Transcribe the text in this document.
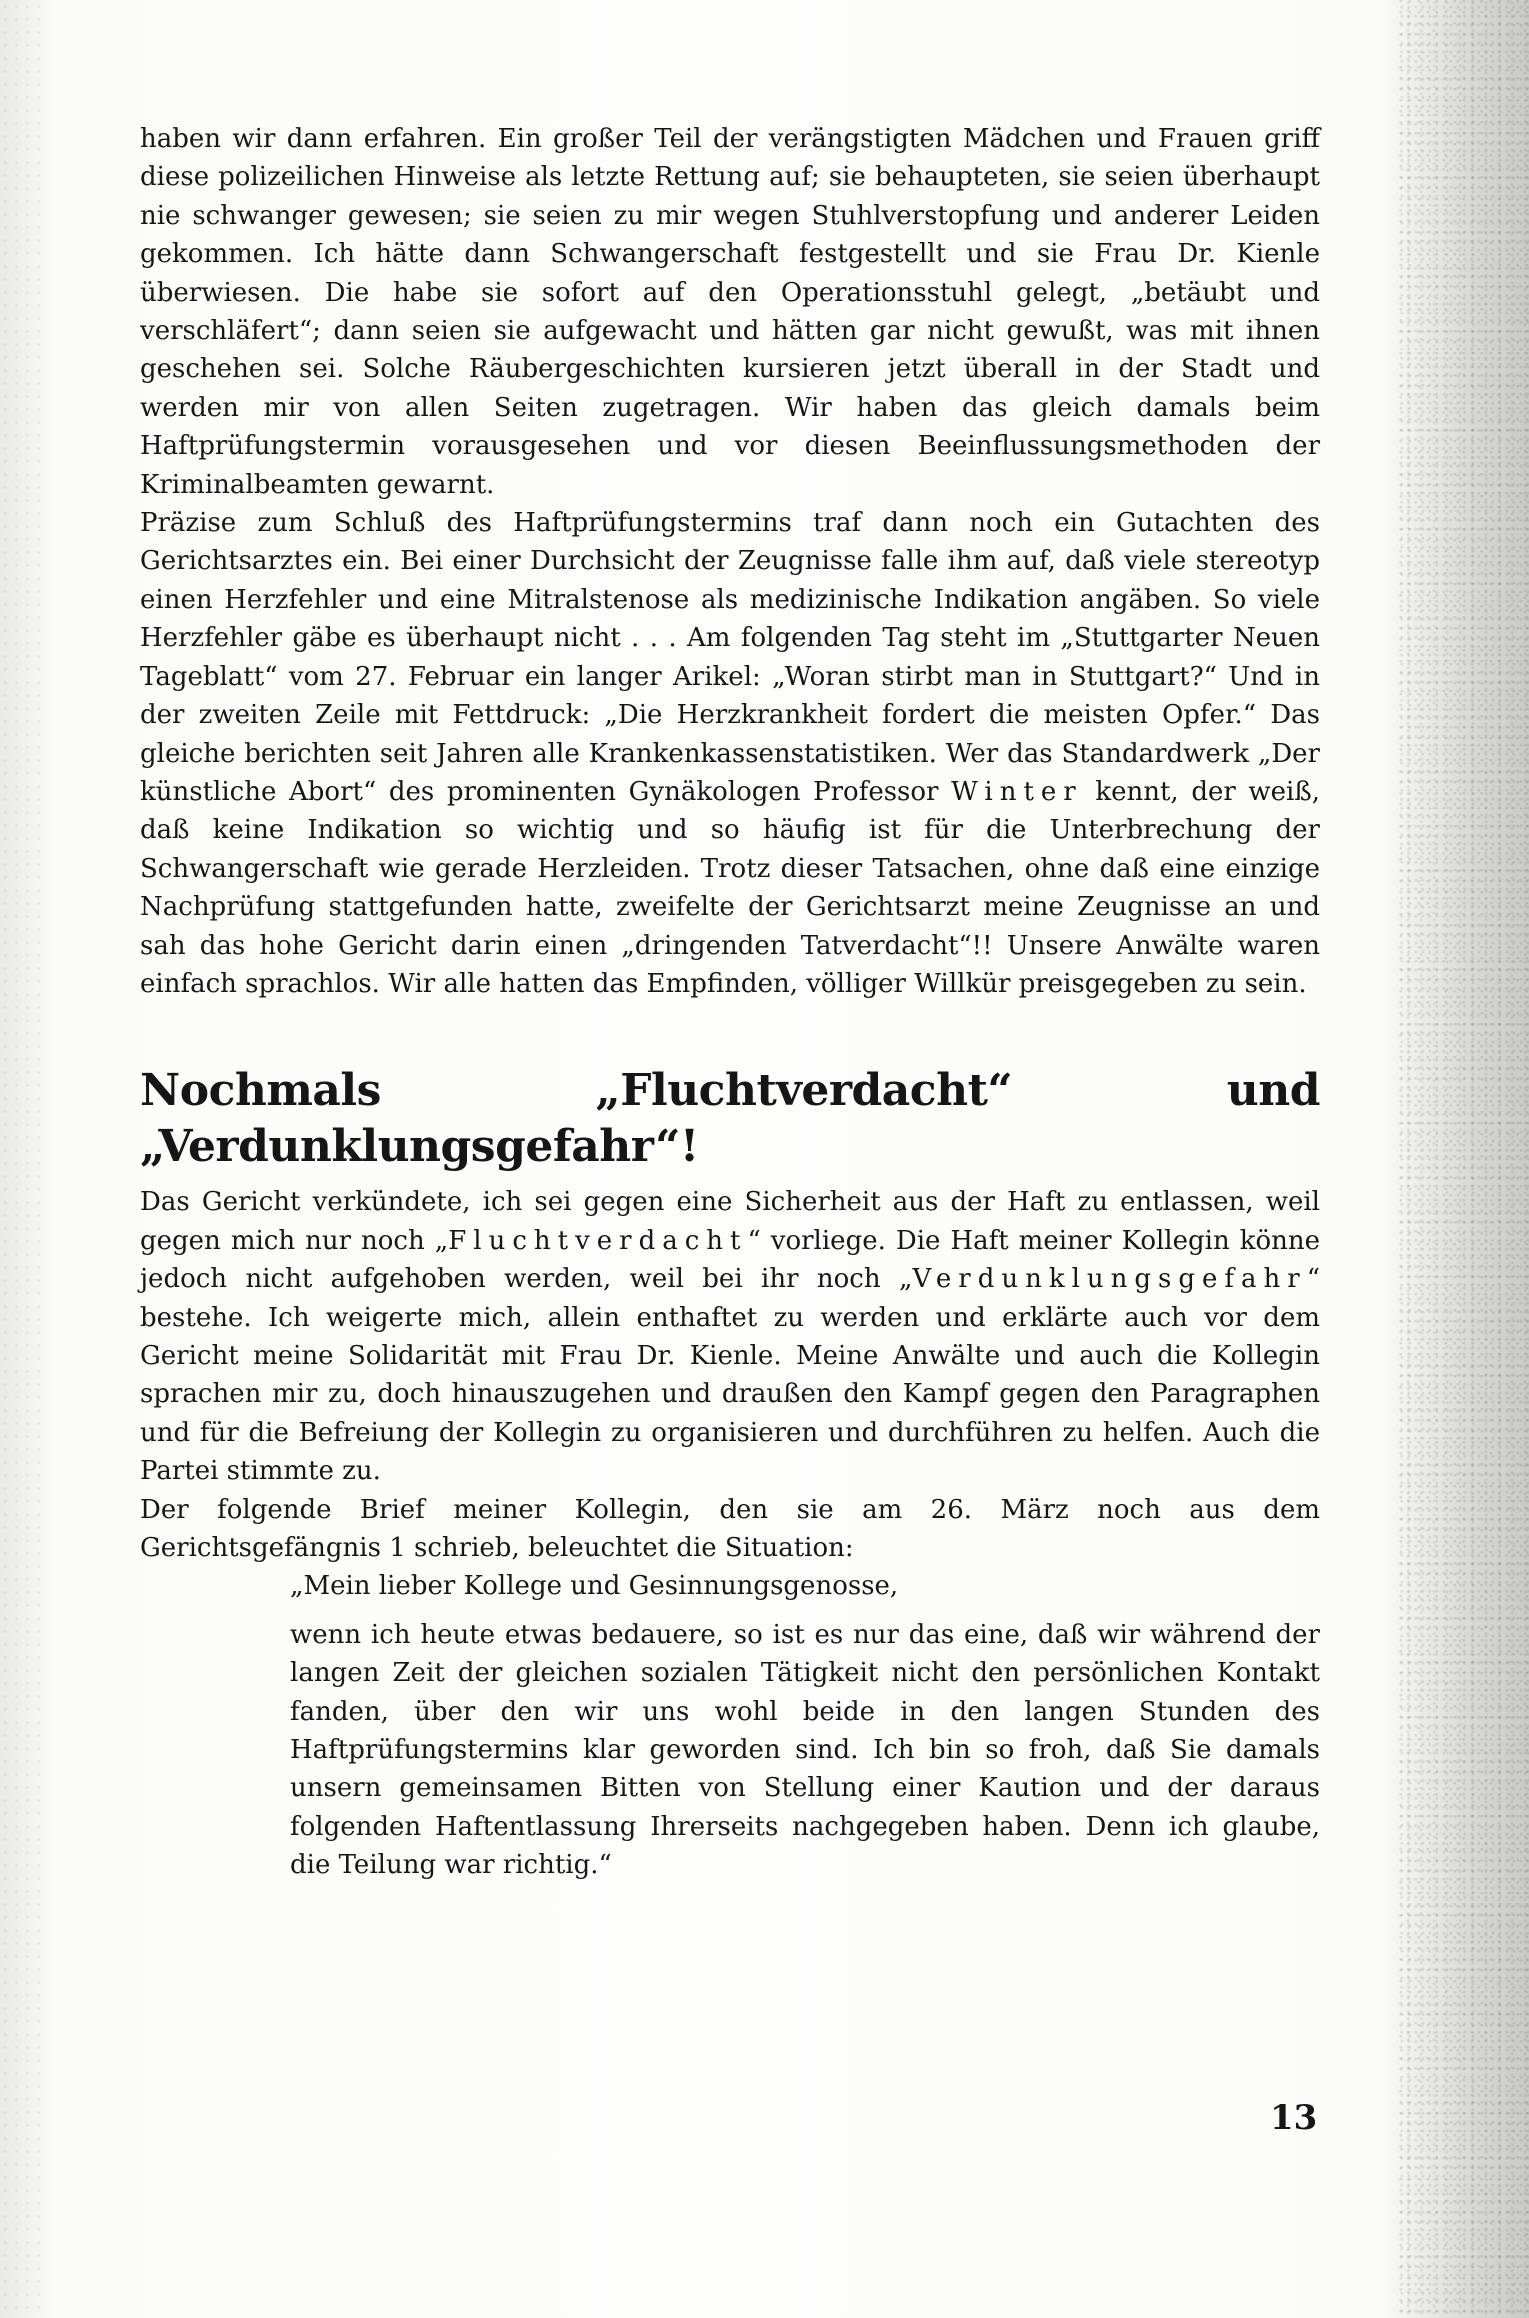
haben wir dann erfahren. Ein großer Teil der verängstigten Mädchen und Frauen griff diese polizeilichen Hinweise als letzte Rettung auf; sie behaupteten, sie seien überhaupt nie schwanger gewesen; sie seien zu mir wegen Stuhlverstopfung und anderer Leiden gekommen. Ich hätte dann Schwangerschaft festgestellt und sie Frau Dr. Kienle überwiesen. Die habe sie sofort auf den Operationsstuhl gelegt, „betäubt und verschläfert“; dann seien sie aufgewacht und hätten gar nicht gewußt, was mit ihnen geschehen sei. Solche Räubergeschichten kursieren jetzt überall in der Stadt und werden mir von allen Seiten zugetragen. Wir haben das gleich damals beim Haftprüfungstermin vorausgesehen und vor diesen Beeinflussungsmethoden der Kriminalbeamten gewarnt.

Präzise zum Schluß des Haftprüfungstermins traf dann noch ein Gutachten des Gerichtsarztes ein. Bei einer Durchsicht der Zeugnisse falle ihm auf, daß viele stereotyp einen Herzfehler und eine Mitralstenose als medizinische Indikation angäben. So viele Herzfehler gäbe es überhaupt nicht . . . Am folgenden Tag steht im „Stuttgarter Neuen Tageblatt“ vom 27. Februar ein langer Arikel: „Woran stirbt man in Stuttgart?“ Und in der zweiten Zeile mit Fettdruck: „Die Herzkrankheit fordert die meisten Opfer.“ Das gleiche berichten seit Jahren alle Krankenkassenstatistiken. Wer das Standardwerk „Der künstliche Abort“ des prominenten Gynäkologen Professor Winter kennt, der weiß, daß keine Indikation so wichtig und so häufig ist für die Unterbrechung der Schwangerschaft wie gerade Herzleiden. Trotz dieser Tatsachen, ohne daß eine einzige Nachprüfung stattgefunden hatte, zweifelte der Gerichtsarzt meine Zeugnisse an und sah das hohe Gericht darin einen „dringenden Tatverdacht“!! Unsere Anwälte waren einfach sprachlos. Wir alle hatten das Empfinden, völliger Willkür preisgegeben zu sein.

Nochmals „Fluchtverdacht“ und „Verdunklungsgefahr“!

Das Gericht verkündete, ich sei gegen eine Sicherheit aus der Haft zu entlassen, weil gegen mich nur noch „Fluchtverdacht“ vorliege. Die Haft meiner Kollegin könne jedoch nicht aufgehoben werden, weil bei ihr noch „Verdunklungsgefahr“ bestehe. Ich weigerte mich, allein enthaftet zu werden und erklärte auch vor dem Gericht meine Solidarität mit Frau Dr. Kienle. Meine Anwälte und auch die Kollegin sprachen mir zu, doch hinauszugehen und draußen den Kampf gegen den Paragraphen und für die Befreiung der Kollegin zu organisieren und durchführen zu helfen. Auch die Partei stimmte zu.

Der folgende Brief meiner Kollegin, den sie am 26. März noch aus dem Gerichtsgefängnis 1 schrieb, beleuchtet die Situation:

„Mein lieber Kollege und Gesinnungsgenosse,

wenn ich heute etwas bedauere, so ist es nur das eine, daß wir während der langen Zeit der gleichen sozialen Tätigkeit nicht den persönlichen Kontakt fanden, über den wir uns wohl beide in den langen Stunden des Haftprüfungstermins klar geworden sind. Ich bin so froh, daß Sie damals unsern gemeinsamen Bitten von Stellung einer Kaution und der daraus folgenden Haftentlassung Ihrerseits nachgegeben haben. Denn ich glaube, die Teilung war richtig.“

13
